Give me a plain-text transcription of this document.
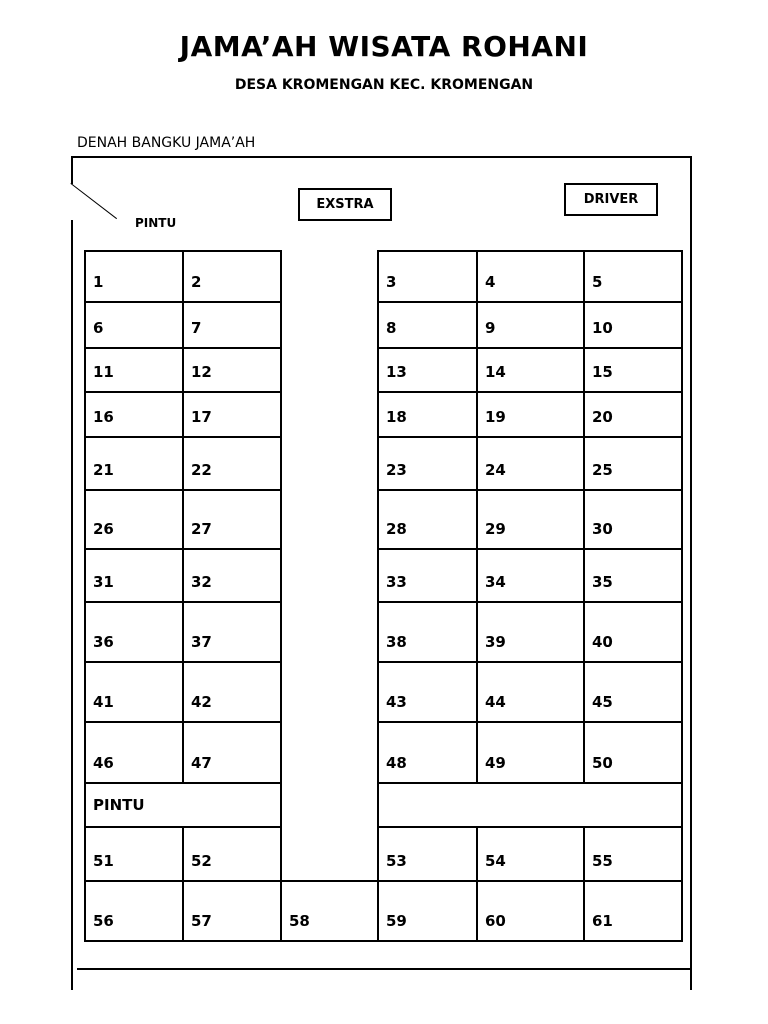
JAMA’AH WISATA ROHANI
DESA KROMENGAN KEC. KROMENGAN
DENAH BANGKU JAMA’AH
PINTU
EXSTRA	DRIVER
1	2	3	4	5
6	7	8	9	10
11	12	13	14	15
16	17	18	19	20
21	22	23	24	25
26	27	28	29	30
31	32	33	34	35
36	37	38	39	40
41	42	43	44	45
46	47	48	49	50
PINTU
51	52	53	54	55
56	57	58	59	60	61
